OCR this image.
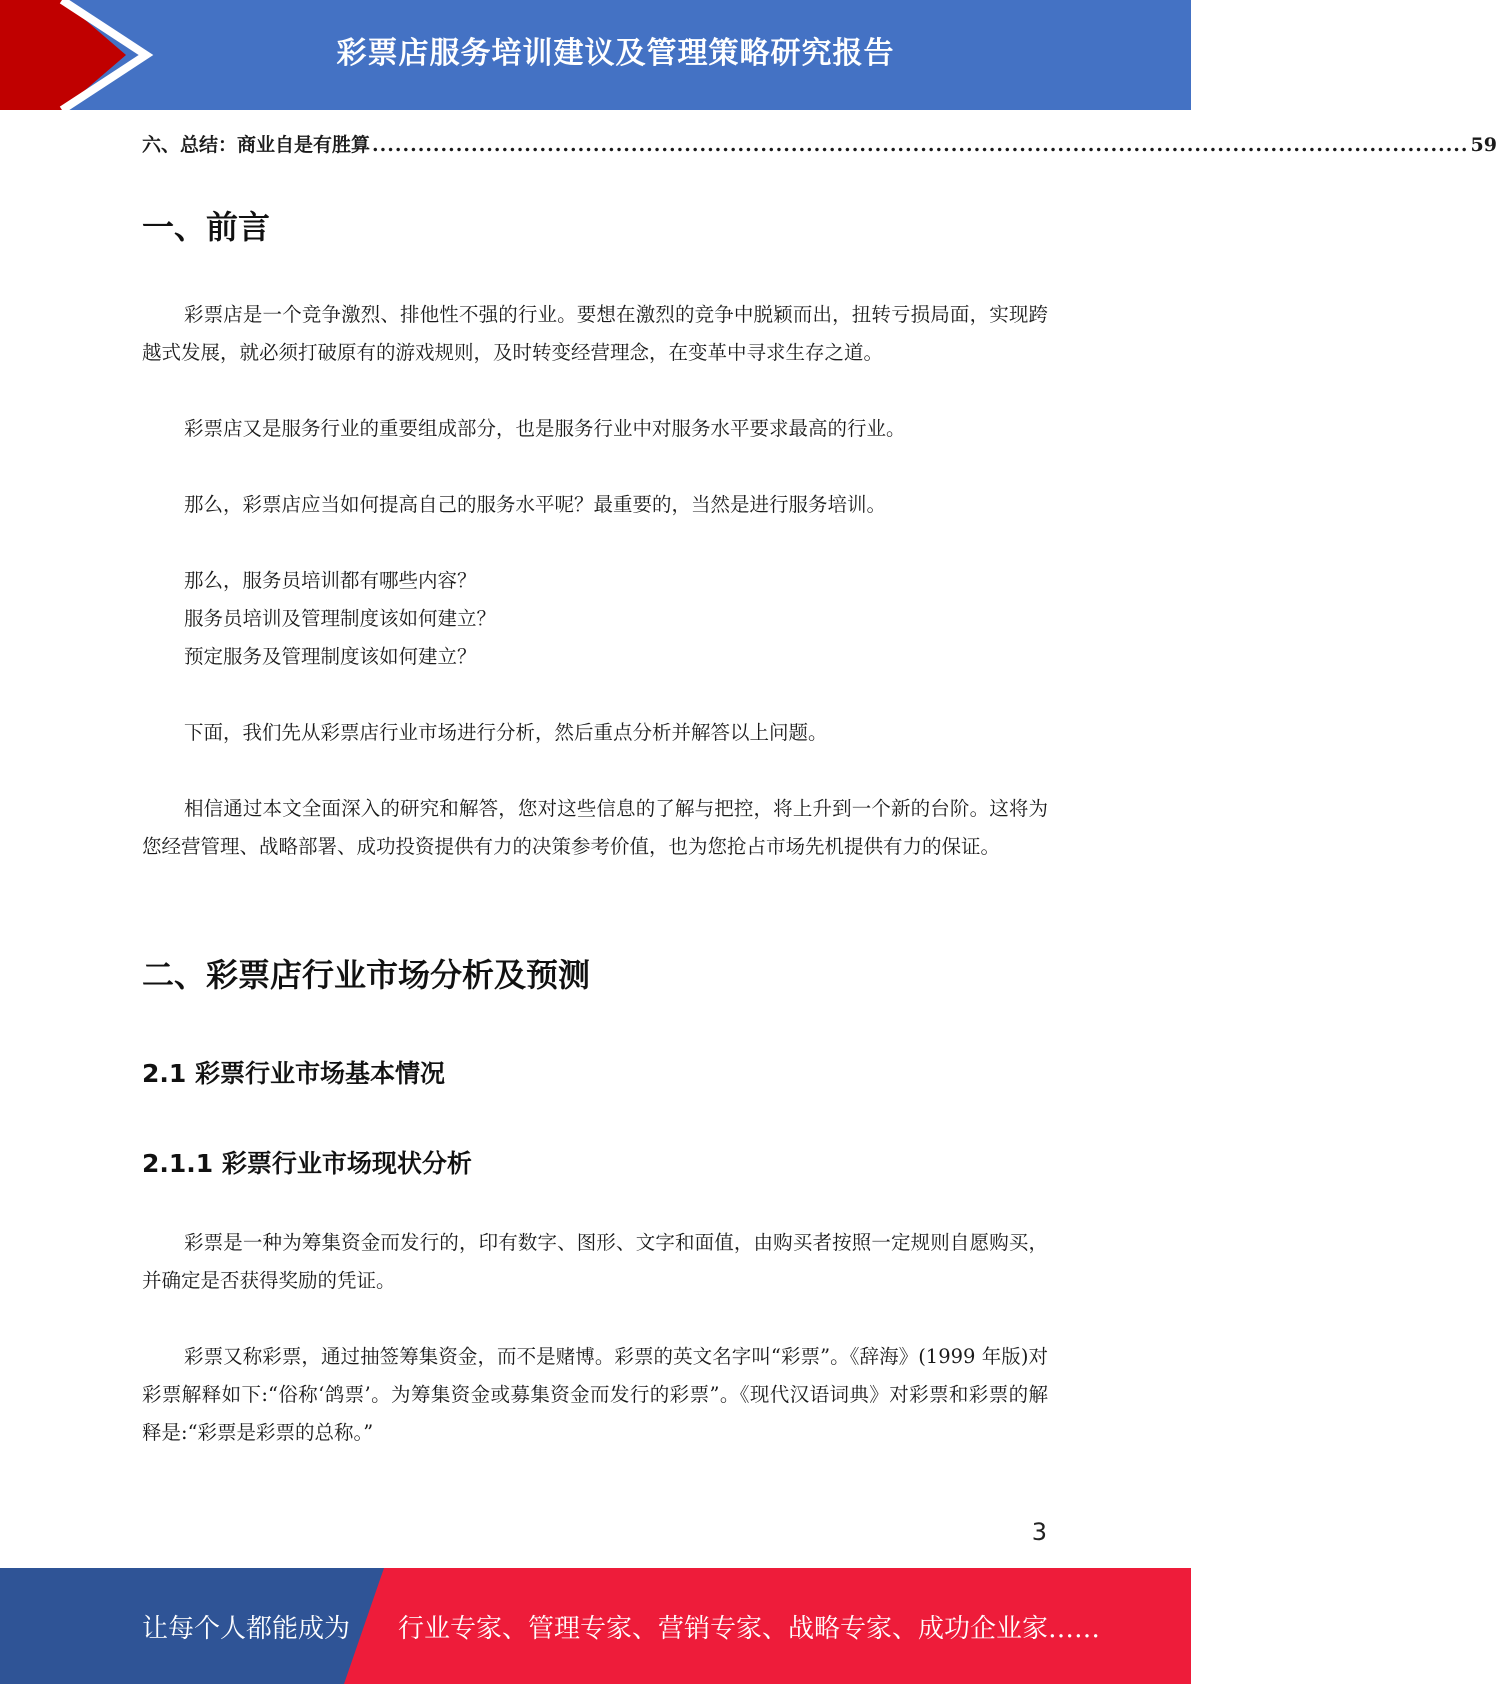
彩票店服务培训建议及管理策略研究报告
六、总结：商业自是有胜算 ................................................................................................................................................ 59
一、前言

彩票店是一个竞争激烈、排他性不强的行业。要想在激烈的竞争中脱颖而出，扭转亏损局面，实现跨越式发展，就必须打破原有的游戏规则，及时转变经营理念，在变革中寻求生存之道。

彩票店又是服务行业的重要组成部分，也是服务行业中对服务水平要求最高的行业。

那么，彩票店应当如何提高自己的服务水平呢？最重要的，当然是进行服务培训。

那么，服务员培训都有哪些内容？
服务员培训及管理制度该如何建立？
预定服务及管理制度该如何建立？

下面，我们先从彩票店行业市场进行分析，然后重点分析并解答以上问题。

相信通过本文全面深入的研究和解答，您对这些信息的了解与把控，将上升到一个新的台阶。这将为您经营管理、战略部署、成功投资提供有力的决策参考价值，也为您抢占市场先机提供有力的保证。

二、彩票店行业市场分析及预测
2.1 彩票行业市场基本情况
2.1.1 彩票行业市场现状分析

彩票是一种为筹集资金而发行的，印有数字、图形、文字和面值，由购买者按照一定规则自愿购买，并确定是否获得奖励的凭证。

彩票又称彩票，通过抽签筹集资金，而不是赌博。彩票的英文名字叫“彩票”。《辞海》(1999 年版)对彩票解释如下:“俗称‘鸽票’。为筹集资金或募集资金而发行的彩票”。《现代汉语词典》对彩票和彩票的解释是:“彩票是彩票的总称。”

3
让每个人都能成为 行业专家、管理专家、营销专家、战略专家、成功企业家……
